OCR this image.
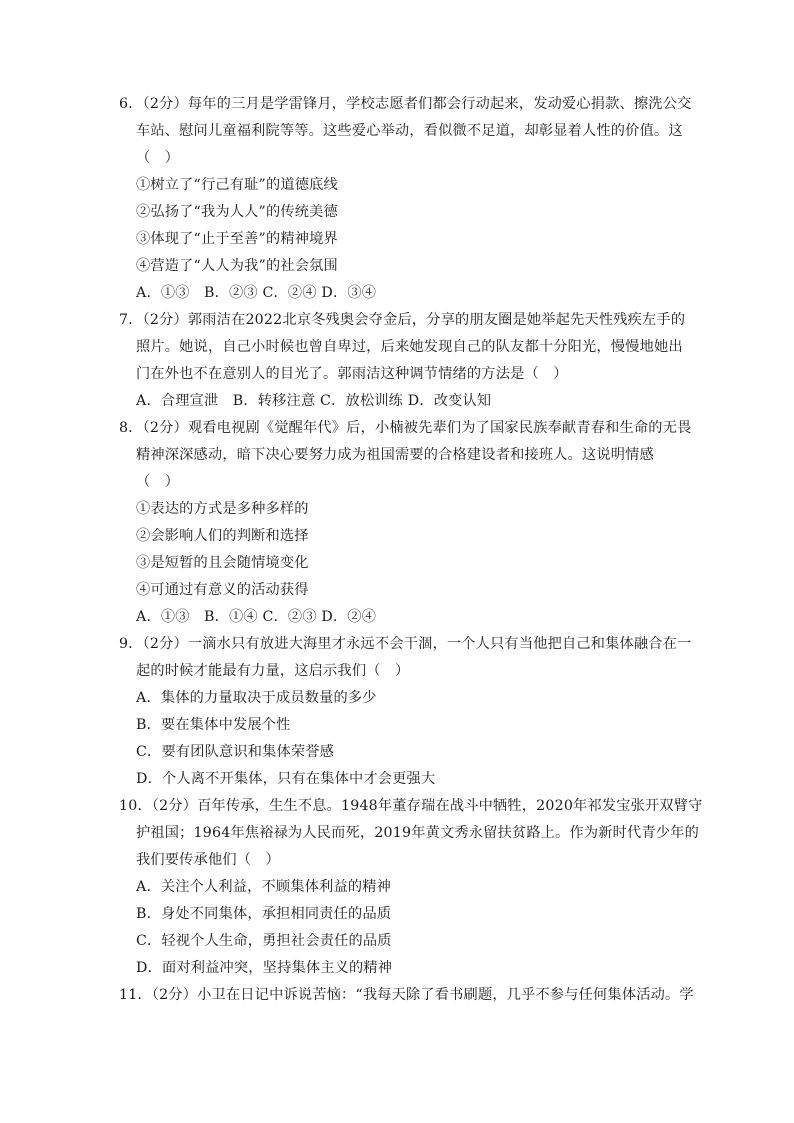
6．（2分）每年的三月是学雷锋月，学校志愿者们都会行动起来，发动爱心捐款、擦洗公交
车站、慰问儿童福利院等等。这些爱心举动，看似微不足道，却彰显着人性的价值。这
（　）
①树立了“行己有耻”的道德底线
②弘扬了“我为人人”的传统美德
③体现了“止于至善”的精神境界
④营造了“人人为我”的社会氛围
A．①③　B．②③ C．②④ D．③④
7．（2分）郭雨洁在2022北京冬残奥会夺金后，分享的朋友圈是她举起先天性残疾左手的
照片。她说，自己小时候也曾自卑过，后来她发现自己的队友都十分阳光，慢慢地她出
门在外也不在意别人的目光了。郭雨洁这种调节情绪的方法是（　）
A．合理宣泄　B．转移注意 C．放松训练 D．改变认知
8．（2分）观看电视剧《觉醒年代》后，小楠被先辈们为了国家民族奉献青春和生命的无畏
精神深深感动，暗下决心要努力成为祖国需要的合格建设者和接班人。这说明情感
（　）
①表达的方式是多种多样的
②会影响人们的判断和选择
③是短暂的且会随情境变化
④可通过有意义的活动获得
A．①③　B．①④ C．②③ D．②④
9．（2分）一滴水只有放进大海里才永远不会干涸，一个人只有当他把自己和集体融合在一
起的时候才能最有力量，这启示我们（　）
A．集体的力量取决于成员数量的多少
B．要在集体中发展个性
C．要有团队意识和集体荣誉感
D．个人离不开集体，只有在集体中才会更强大
10．（2分）百年传承，生生不息。1948年董存瑞在战斗中牺牲，2020年祁发宝张开双臂守
护祖国；1964年焦裕禄为人民而死，2019年黄文秀永留扶贫路上。作为新时代青少年的
我们要传承他们（　）
A．关注个人利益，不顾集体利益的精神
B．身处不同集体，承担相同责任的品质
C．轻视个人生命，勇担社会责任的品质
D．面对利益冲突，坚持集体主义的精神
11．（2分）小卫在日记中诉说苦恼：“我每天除了看书刷题，几乎不参与任何集体活动。学
